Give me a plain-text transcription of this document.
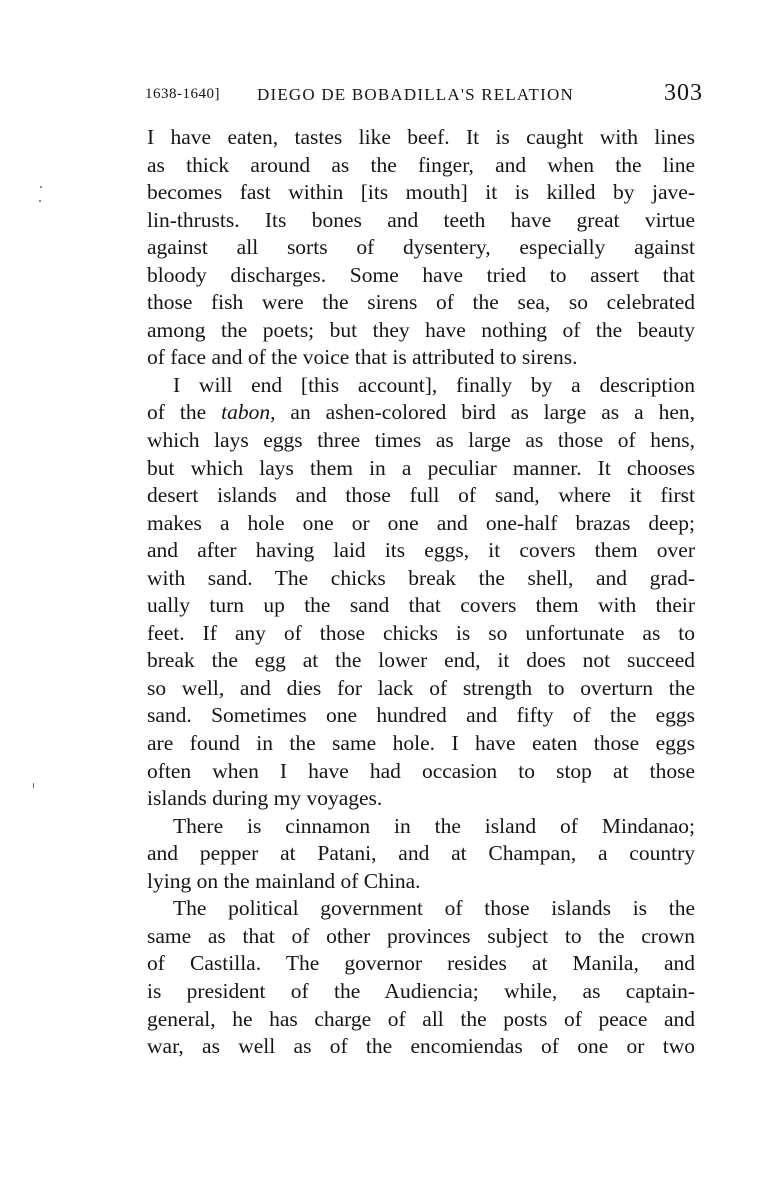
1638-1640] DIEGO DE BOBADILLA'S RELATION	303
I have eaten, tastes like beef. It is caught with lines
as thick around as the finger, and when the line
becomes fast within [its mouth] it is killed by jave-
lin-thrusts. Its bones and teeth have great virtue
against all sorts of dysentery, especially against
bloody discharges. Some have tried to assert that
those fish were the sirens of the sea, so celebrated
among the poets; but they have nothing of the beauty
of face and of the voice that is attributed to sirens.
I will end [this account], finally by a description
of the tabon, an ashen-colored bird as large as a hen,
which lays eggs three times as large as those of hens,
but which lays them in a peculiar manner. It chooses
desert islands and those full of sand, where it first
makes a hole one or one and one-half brazas deep;
and after having laid its eggs, it covers them over
with sand. The chicks break the shell, and grad-
ually turn up the sand that covers them with their
feet. If any of those chicks is so unfortunate as to
break the egg at the lower end, it does not succeed
so well, and dies for lack of strength to overturn the
sand. Sometimes one hundred and fifty of the eggs
are found in the same hole. I have eaten those eggs
often when I have had occasion to stop at those
islands during my voyages.
There is cinnamon in the island of Mindanao;
and pepper at Patani, and at Champan, a country
lying on the mainland of China.
The political government of those islands is the
same as that of other provinces subject to the crown
of Castilla. The governor resides at Manila, and
is president of the Audiencia; while, as captain-
general, he has charge of all the posts of peace and
war, as well as of the encomiendas of one or two
